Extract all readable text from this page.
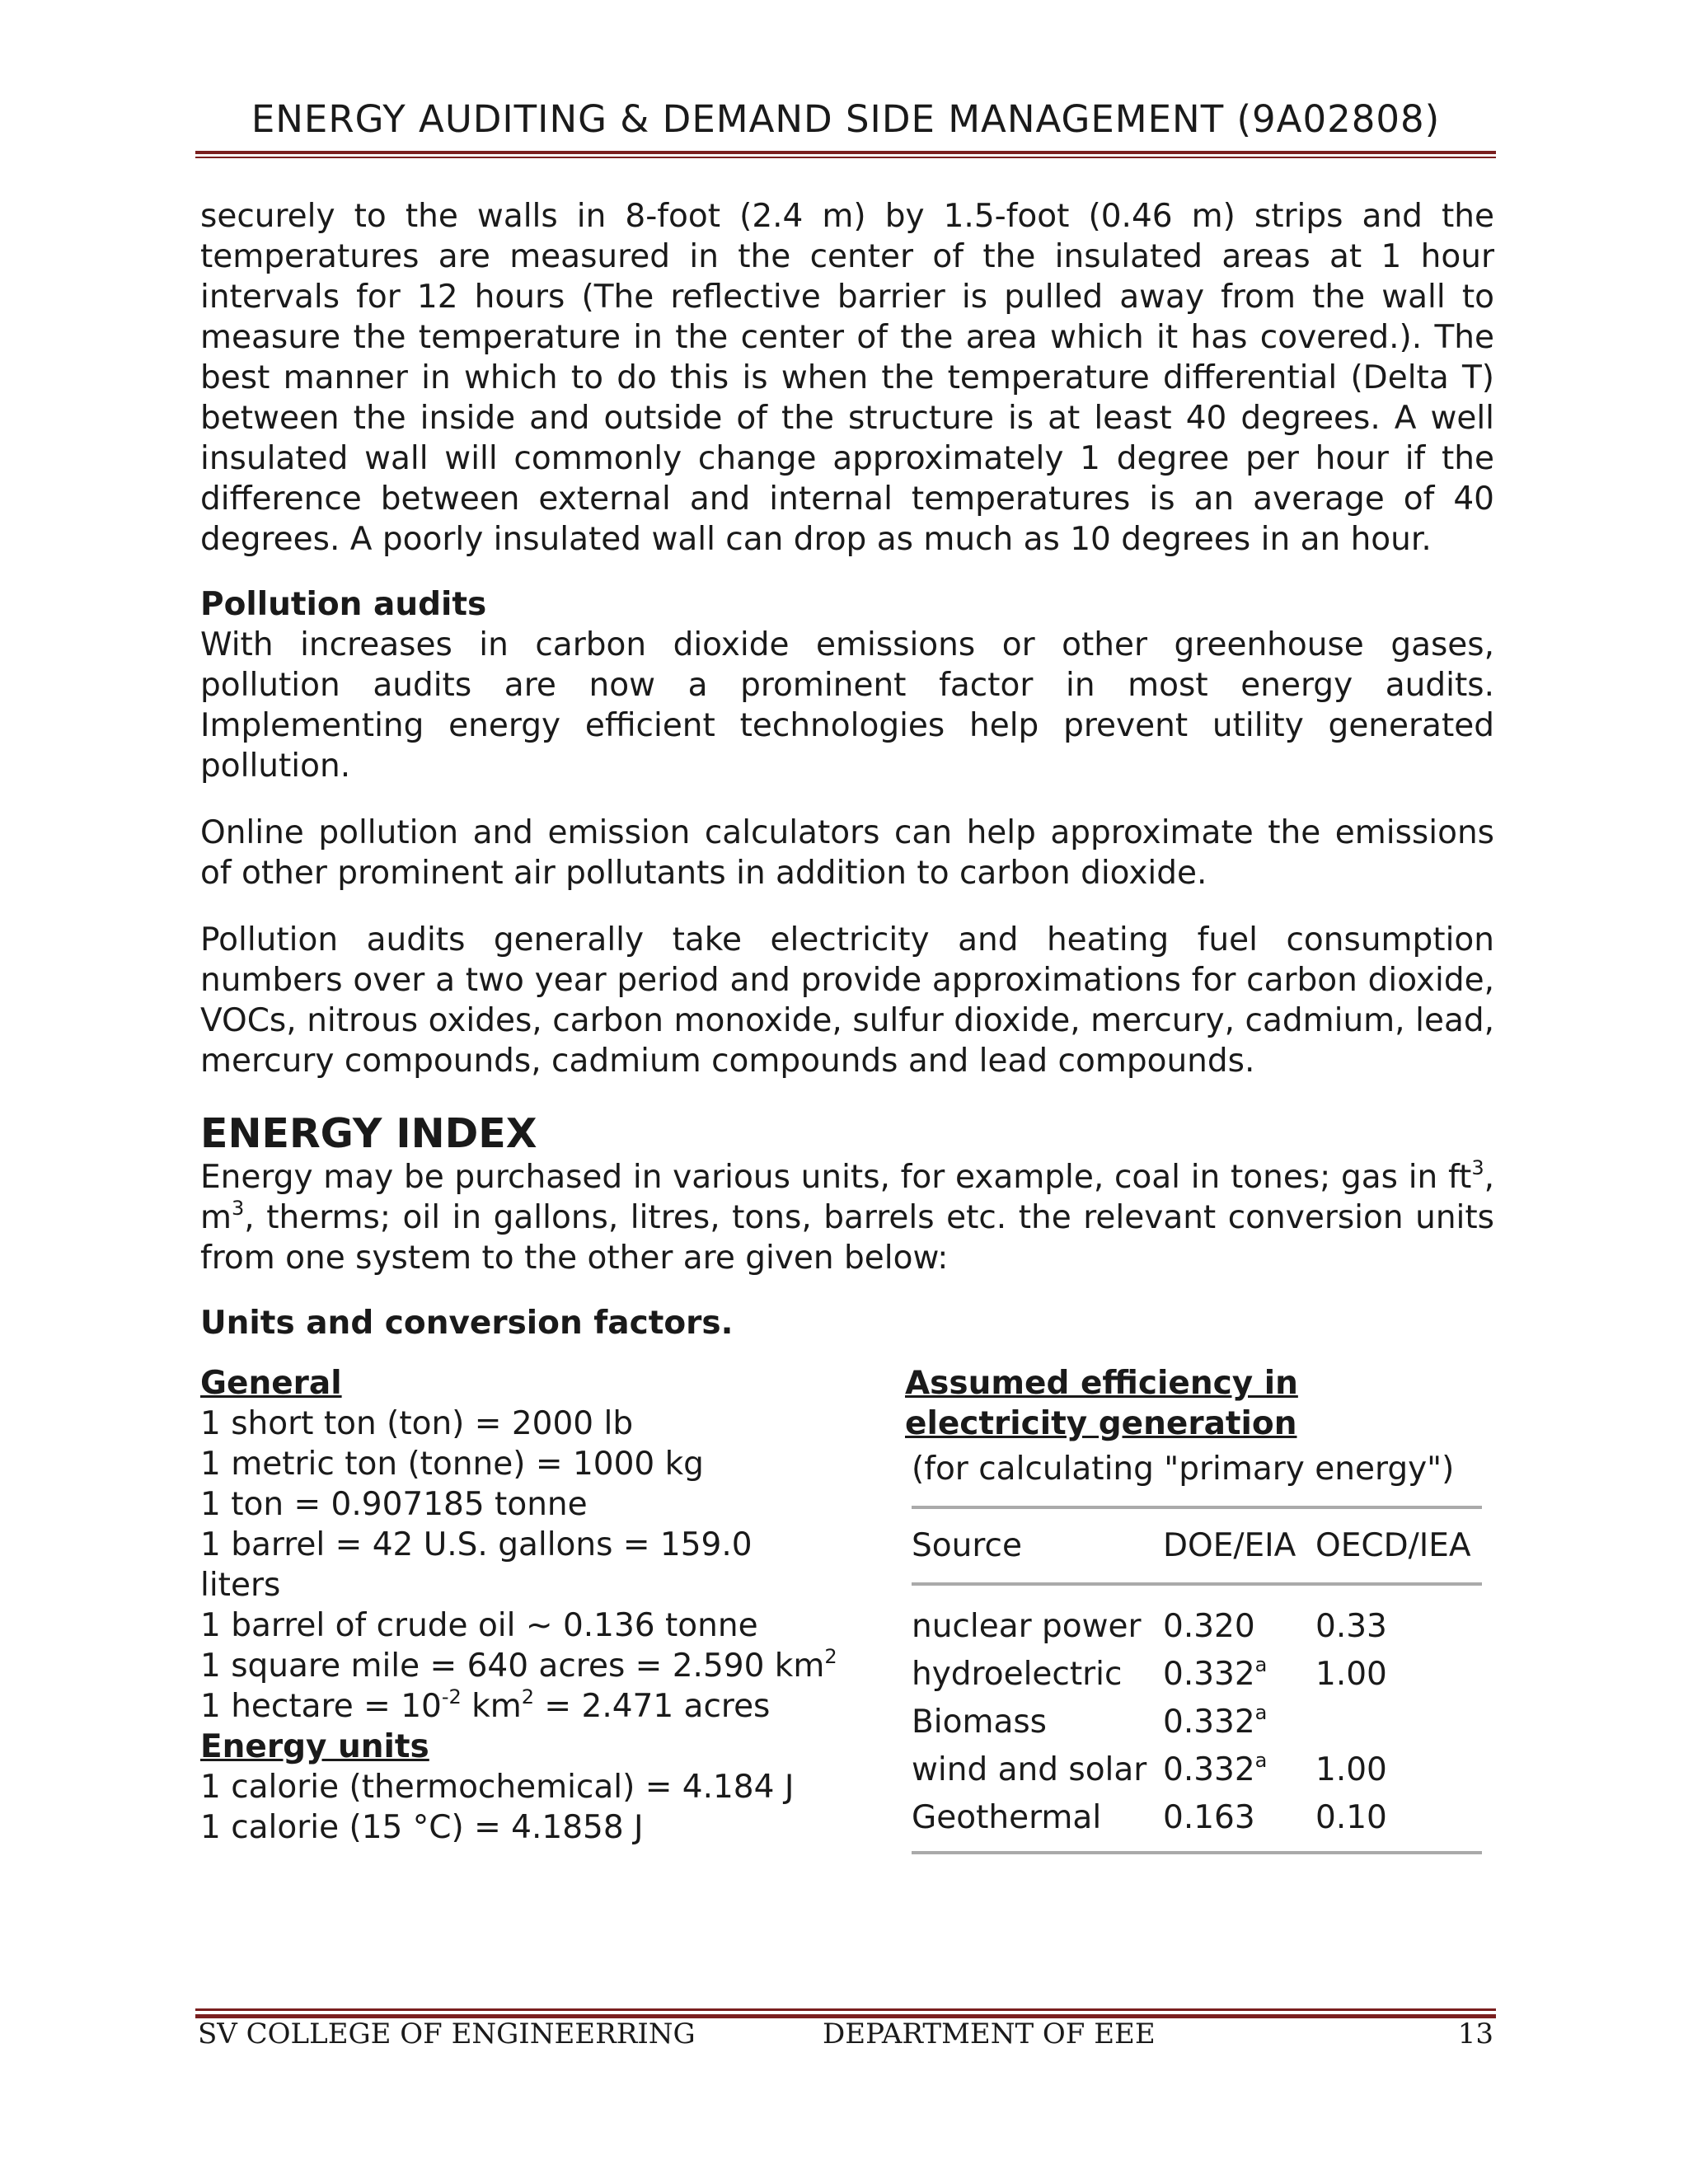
ENERGY AUDITING & DEMAND SIDE MANAGEMENT (9A02808)

securely to the walls in 8-foot (2.4 m) by 1.5-foot (0.46 m) strips and the temperatures are measured in the center of the insulated areas at 1 hour intervals for 12 hours (The reflective barrier is pulled away from the wall to measure the temperature in the center of the area which it has covered.). The best manner in which to do this is when the temperature differential (Delta T) between the inside and outside of the structure is at least 40 degrees. A well insulated wall will commonly change approximately 1 degree per hour if the difference between external and internal temperatures is an average of 40 degrees. A poorly insulated wall can drop as much as 10 degrees in an hour.

Pollution audits

With increases in carbon dioxide emissions or other greenhouse gases, pollution audits are now a prominent factor in most energy audits. Implementing energy efficient technologies help prevent utility generated pollution.

Online pollution and emission calculators can help approximate the emissions of other prominent air pollutants in addition to carbon dioxide.

Pollution audits generally take electricity and heating fuel consumption numbers over a two year period and provide approximations for carbon dioxide, VOCs, nitrous oxides, carbon monoxide, sulfur dioxide, mercury, cadmium, lead, mercury compounds, cadmium compounds and lead compounds.

ENERGY INDEX

Energy may be purchased in various units, for example, coal in tones; gas in $ft^3$, $m^3$, therms; oil in gallons, litres, tons, barrels etc. the relevant conversion units from one system to the other are given below:

Units and conversion factors.

General
1 short ton (ton) = 2000 lb
1 metric ton (tonne) = 1000 kg
1 ton = 0.907185 tonne
1 barrel = 42 U.S. gallons = 159.0 liters
1 barrel of crude oil ~ 0.136 tonne
1 square mile = 640 acres = 2.590 $km^2$
1 hectare = $10^{-2}$ $km^2 = 2.471$ acres
Energy units
1 calorie (thermochemical) = 4.184 J
1 calorie (15 °C) = 4.1858 J
Assumed efficiency in
electricity generation
(for calculating "primary energy")
Source	DOE/EIA	OECD/IEA
nuclear power	0.320	0.33
hydroelectric	0.332$^a$	1.00
Biomass	0.332$^a$	
wind and solar	0.332$^a$	1.00
Geothermal	0.163	0.10
SV COLLEGE OF ENGINEERRING	DEPARTMENT OF EEE	13
